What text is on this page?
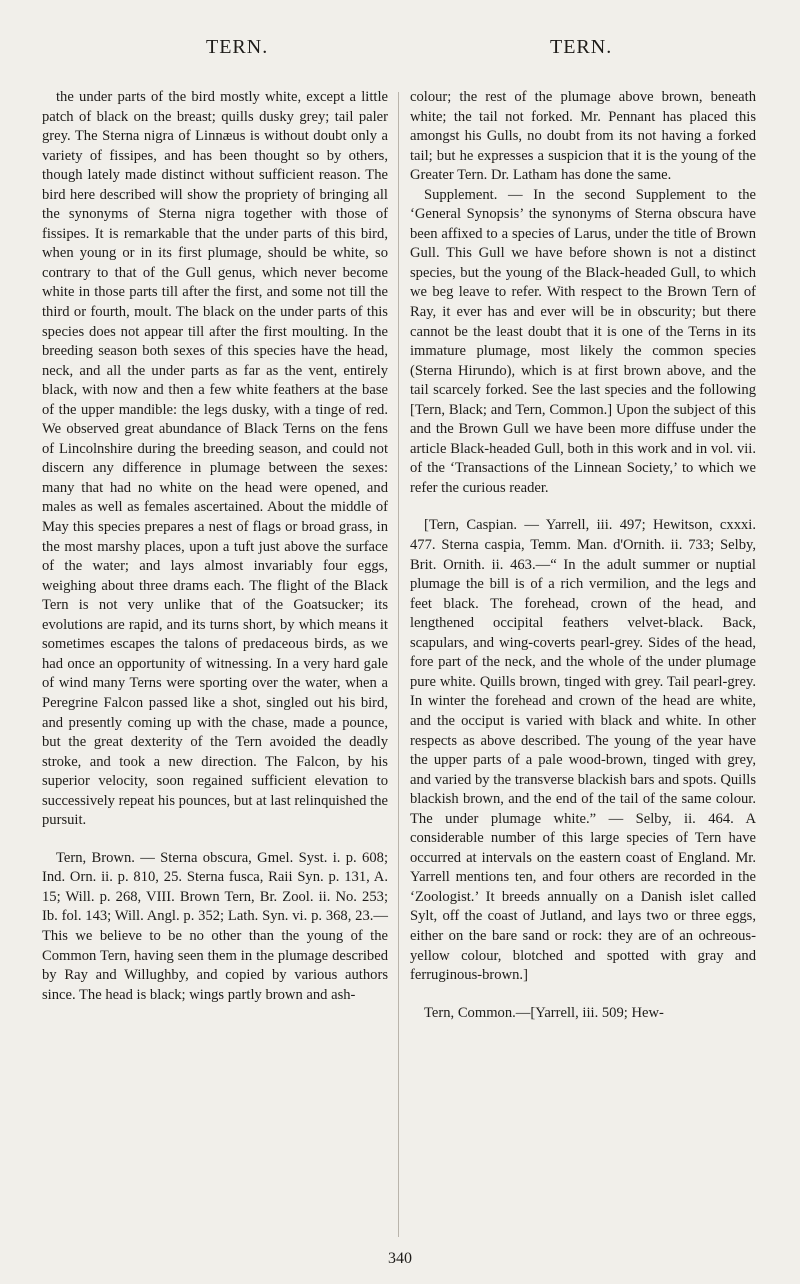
TERN.	TERN.

the under parts of the bird mostly white, except a little patch of black on the breast; quills dusky grey; tail paler grey. The Sterna nigra of Linnæus is without doubt only a variety of fissipes, and has been thought so by others, though lately made distinct without sufficient reason. The bird here described will show the propriety of bringing all the synonyms of Sterna nigra together with those of fissipes. It is remarkable that the under parts of this bird, when young or in its first plumage, should be white, so contrary to that of the Gull genus, which never become white in those parts till after the first, and some not till the third or fourth, moult. The black on the under parts of this species does not appear till after the first moulting. In the breeding season both sexes of this species have the head, neck, and all the under parts as far as the vent, entirely black, with now and then a few white feathers at the base of the upper mandible: the legs dusky, with a tinge of red. We observed great abundance of Black Terns on the fens of Lincolnshire during the breeding season, and could not discern any difference in plumage between the sexes: many that had no white on the head were opened, and males as well as females ascertained. About the middle of May this species prepares a nest of flags or broad grass, in the most marshy places, upon a tuft just above the surface of the water; and lays almost invariably four eggs, weighing about three drams each. The flight of the Black Tern is not very unlike that of the Goatsucker; its evolutions are rapid, and its turns short, by which means it sometimes escapes the talons of predaceous birds, as we had once an opportunity of witnessing. In a very hard gale of wind many Terns were sporting over the water, when a Peregrine Falcon passed like a shot, singled out his bird, and presently coming up with the chase, made a pounce, but the great dexterity of the Tern avoided the deadly stroke, and took a new direction. The Falcon, by his superior velocity, soon regained sufficient elevation to successively repeat his pounces, but at last relinquished the pursuit.

Tern, Brown. — Sterna obscura, Gmel. Syst. i. p. 608; Ind. Orn. ii. p. 810, 25. Sterna fusca, Raii Syn. p. 131, A. 15; Will. p. 268, VIII. Brown Tern, Br. Zool. ii. No. 253; Ib. fol. 143; Will. Angl. p. 352; Lath. Syn. vi. p. 368, 23.—This we believe to be no other than the young of the Common Tern, having seen them in the plumage described by Ray and Willughby, and copied by various authors since. The head is black; wings partly brown and ash-

colour; the rest of the plumage above brown, beneath white; the tail not forked. Mr. Pennant has placed this amongst his Gulls, no doubt from its not having a forked tail; but he expresses a suspicion that it is the young of the Greater Tern. Dr. Latham has done the same.

Supplement. — In the second Supplement to the ‘General Synopsis’ the synonyms of Sterna obscura have been affixed to a species of Larus, under the title of Brown Gull. This Gull we have before shown is not a distinct species, but the young of the Black-headed Gull, to which we beg leave to refer. With respect to the Brown Tern of Ray, it ever has and ever will be in obscurity; but there cannot be the least doubt that it is one of the Terns in its immature plumage, most likely the common species (Sterna Hirundo), which is at first brown above, and the tail scarcely forked. See the last species and the following [Tern, Black; and Tern, Common.] Upon the subject of this and the Brown Gull we have been more diffuse under the article Black-headed Gull, both in this work and in vol. vii. of the ‘Transactions of the Linnean Society,’ to which we refer the curious reader.

[Tern, Caspian. — Yarrell, iii. 497; Hewitson, cxxxi. 477. Sterna caspia, Temm. Man. d'Ornith. ii. 733; Selby, Brit. Ornith. ii. 463.—“ In the adult summer or nuptial plumage the bill is of a rich vermilion, and the legs and feet black. The forehead, crown of the head, and lengthened occipital feathers velvet-black. Back, scapulars, and wing-coverts pearl-grey. Sides of the head, fore part of the neck, and the whole of the under plumage pure white. Quills brown, tinged with grey. Tail pearl-grey. In winter the forehead and crown of the head are white, and the occiput is varied with black and white. In other respects as above described. The young of the year have the upper parts of a pale wood-brown, tinged with grey, and varied by the transverse blackish bars and spots. Quills blackish brown, and the end of the tail of the same colour. The under plumage white.” — Selby, ii. 464. A considerable number of this large species of Tern have occurred at intervals on the eastern coast of England. Mr. Yarrell mentions ten, and four others are recorded in the ‘Zoologist.’ It breeds annually on a Danish islet called Sylt, off the coast of Jutland, and lays two or three eggs, either on the bare sand or rock: they are of an ochreous-yellow colour, blotched and spotted with gray and ferruginous-brown.]

Tern, Common.—[Yarrell, iii. 509; Hew-

340
